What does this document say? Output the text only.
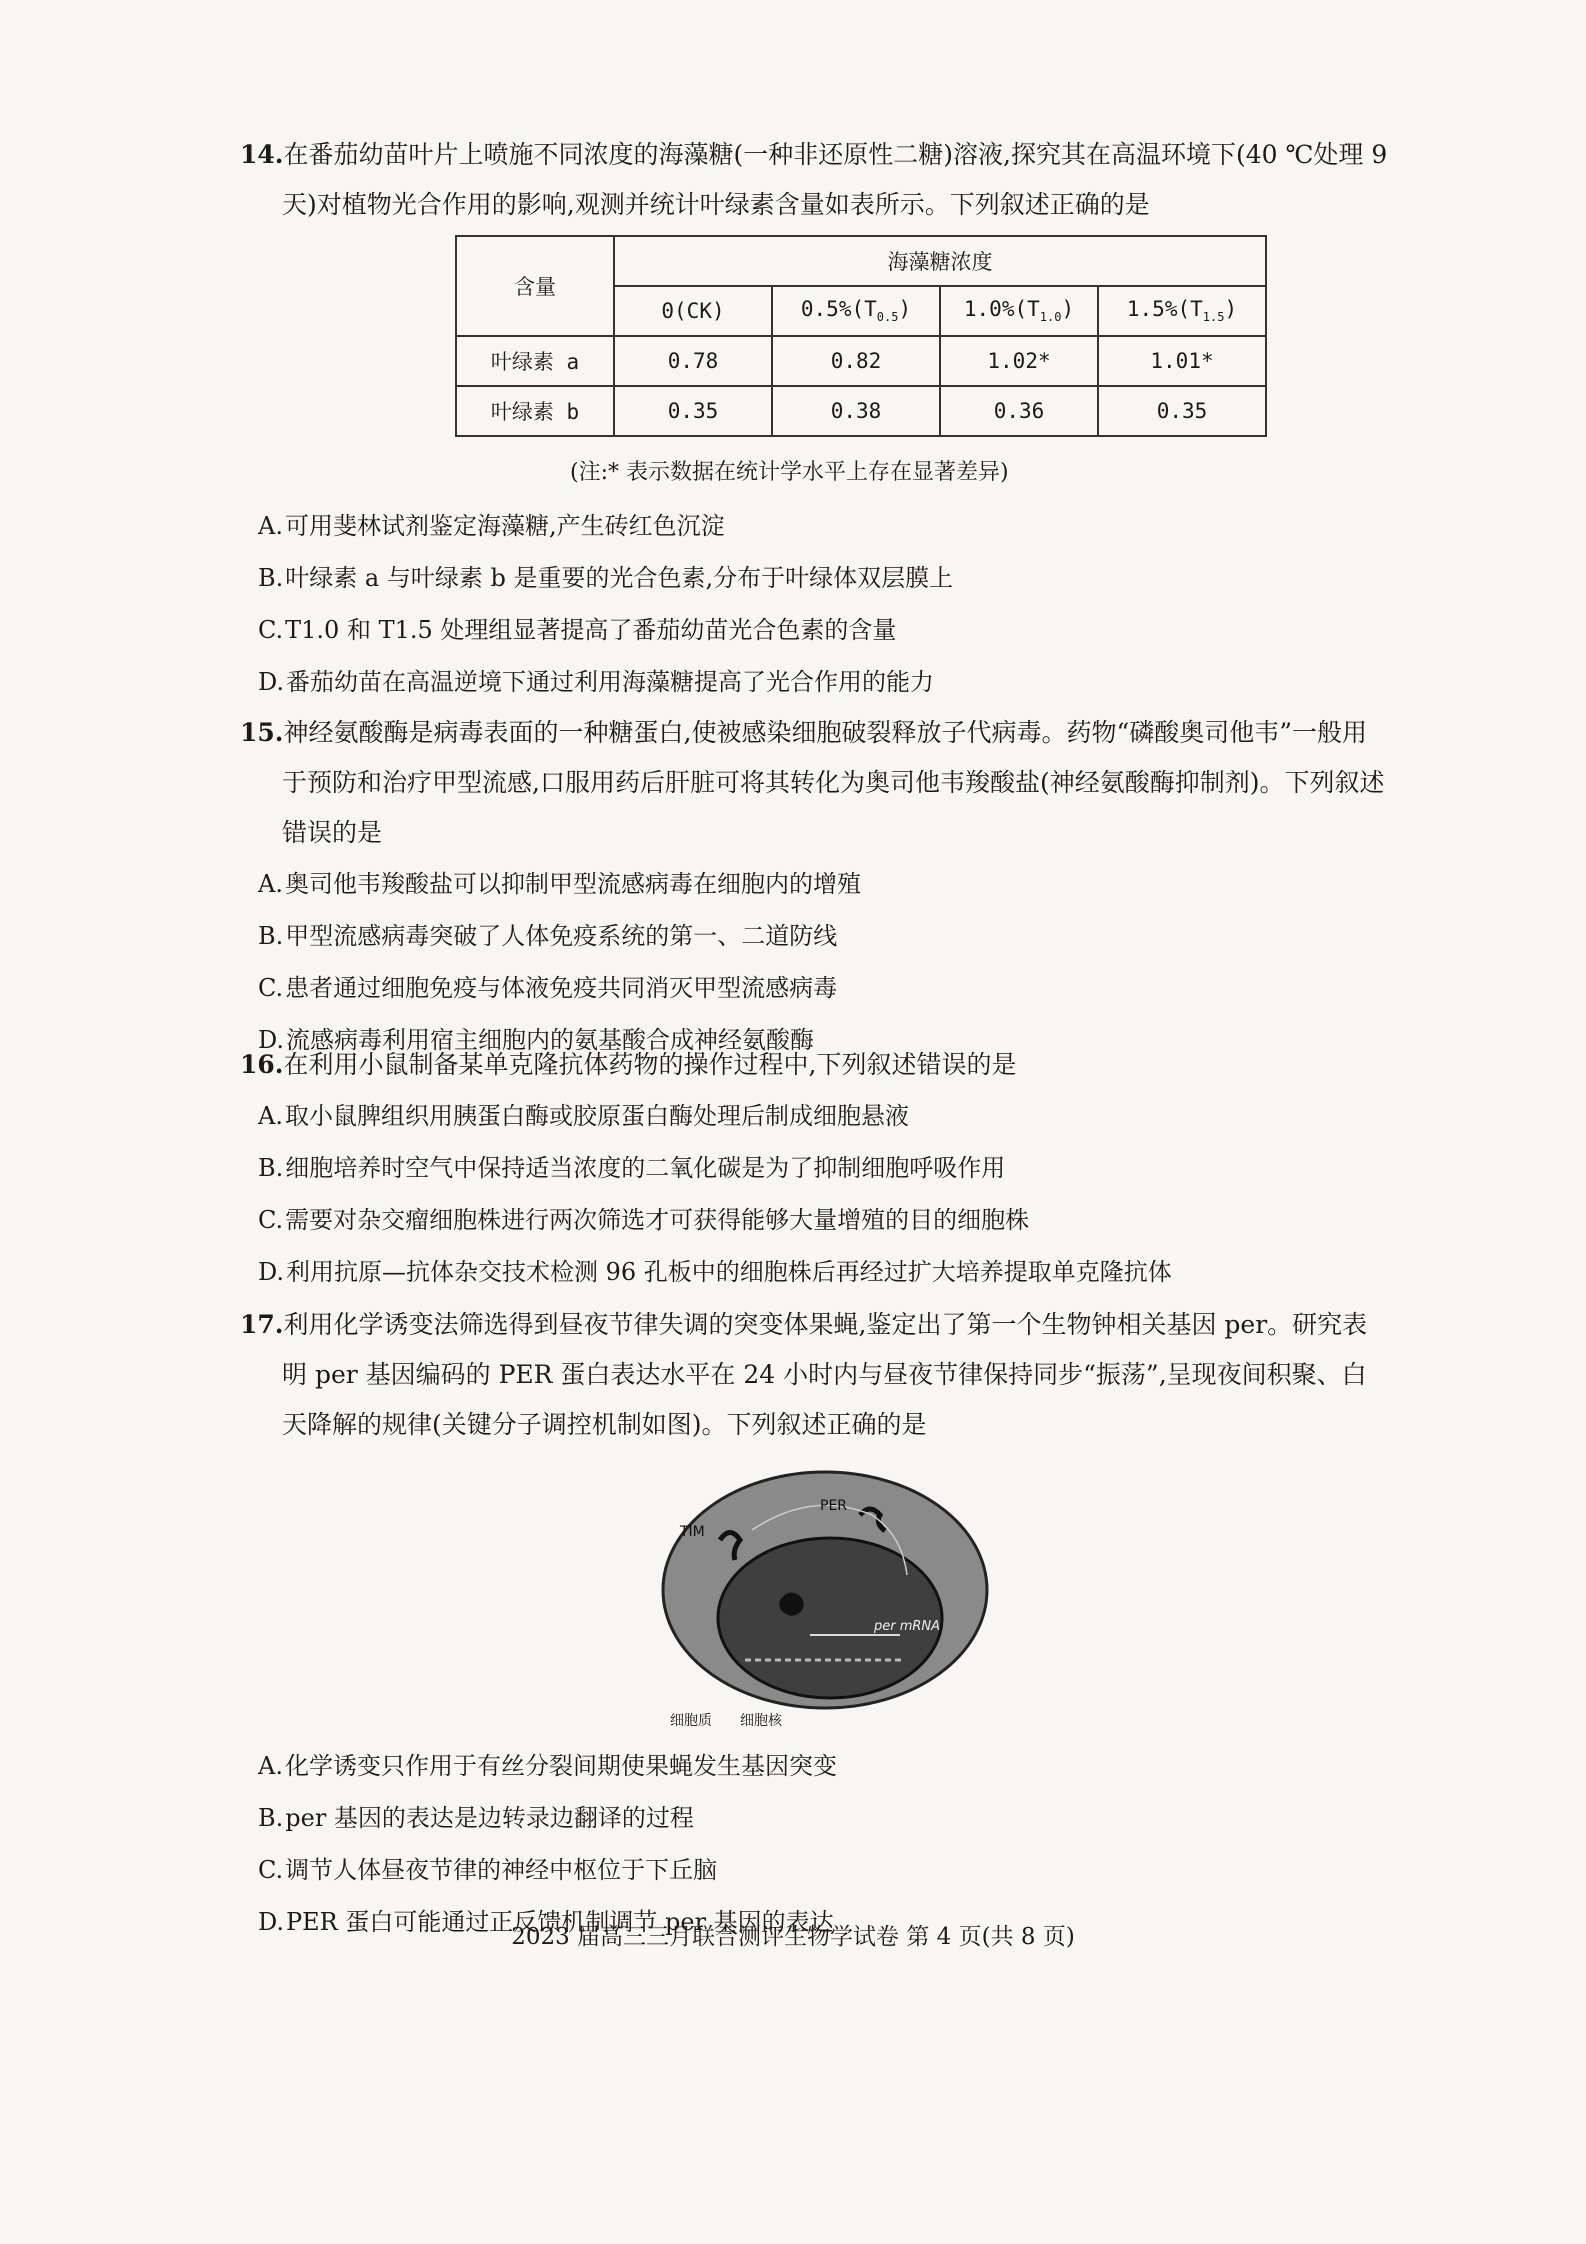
14.在番茄幼苗叶片上喷施不同浓度的海藻糖(一种非还原性二糖)溶液,探究其在高温环境下(40 ℃处理 9 天)对植物光合作用的影响,观测并统计叶绿素含量如表所示。下列叙述正确的是

含量	海藻糖浓度			
	0(CK)	$0.5\%(T_{0.5})$	$1.0\%(T_{1.0})$	$1.5\%(T_{1.5})$
叶绿素 a	0.78	0.82	1.02*	1.01*
叶绿素 b	0.35	0.38	0.36	0.35
(注:* 表示数据在统计学水平上存在显著差异)

A.可用斐林试剂鉴定海藻糖,产生砖红色沉淀

B.叶绿素 a 与叶绿素 b 是重要的光合色素,分布于叶绿体双层膜上

C.T1.0 和 T1.5 处理组显著提高了番茄幼苗光合色素的含量

D.番茄幼苗在高温逆境下通过利用海藻糖提高了光合作用的能力

15.神经氨酸酶是病毒表面的一种糖蛋白,使被感染细胞破裂释放子代病毒。药物“磷酸奥司他韦”一般用于预防和治疗甲型流感,口服用药后肝脏可将其转化为奥司他韦羧酸盐(神经氨酸酶抑制剂)。下列叙述错误的是

A.奥司他韦羧酸盐可以抑制甲型流感病毒在细胞内的增殖

B.甲型流感病毒突破了人体免疫系统的第一、二道防线

C.患者通过细胞免疫与体液免疫共同消灭甲型流感病毒

D.流感病毒利用宿主细胞内的氨基酸合成神经氨酸酶

16.在利用小鼠制备某单克隆抗体药物的操作过程中,下列叙述错误的是

A.取小鼠脾组织用胰蛋白酶或胶原蛋白酶处理后制成细胞悬液

B.细胞培养时空气中保持适当浓度的二氧化碳是为了抑制细胞呼吸作用

C.需要对杂交瘤细胞株进行两次筛选才可获得能够大量增殖的目的细胞株

D.利用抗原—抗体杂交技术检测 96 孔板中的细胞株后再经过扩大培养提取单克隆抗体

17.利用化学诱变法筛选得到昼夜节律失调的突变体果蝇,鉴定出了第一个生物钟相关基因 per。研究表明 per 基因编码的 PER 蛋白表达水平在 24 小时内与昼夜节律保持同步“振荡”,呈现夜间积聚、白天降解的规律(关键分子调控机制如图)。下列叙述正确的是

TIM
PER
per mRNA
细胞质 细胞核

A.化学诱变只作用于有丝分裂间期使果蝇发生基因突变

B.per 基因的表达是边转录边翻译的过程

C.调节人体昼夜节律的神经中枢位于下丘脑

D.PER 蛋白可能通过正反馈机制调节 per 基因的表达

2023 届高三三月联合测评生物学试卷 第 4 页(共 8 页)
